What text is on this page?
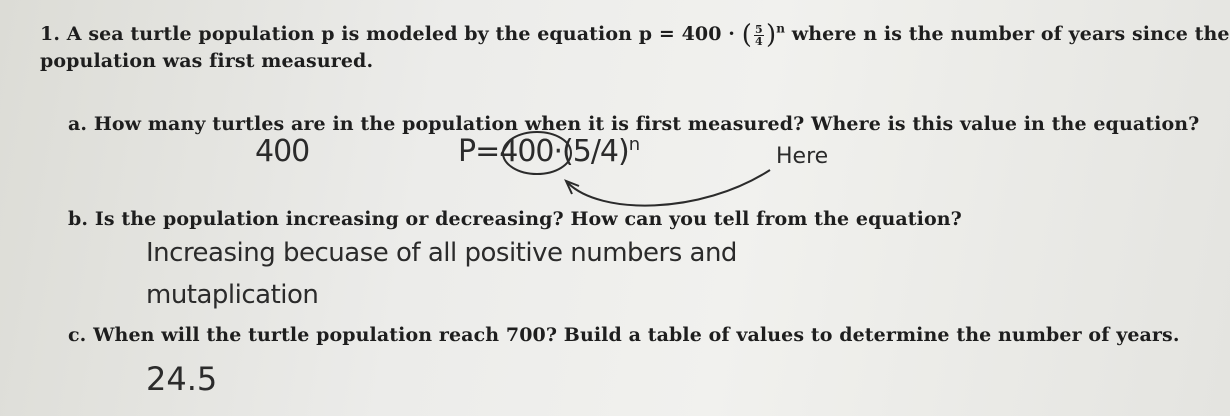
1. A sea turtle population p is modeled by the equation p = 400 · ( $\frac{5}{4} )^n$ where n is the number of years since the
population was first measured.
a. How many turtles are in the population when it is first measured? Where is this value in the equation?
400	$P=400\cdot(5/4)^n$	Here
b. Is the population increasing or decreasing? How can you tell from the equation?
Increasing becuase of all positive numbers and
mutaplication
c. When will the turtle population reach 700? Build a table of values to determine the number of years.
24.5
